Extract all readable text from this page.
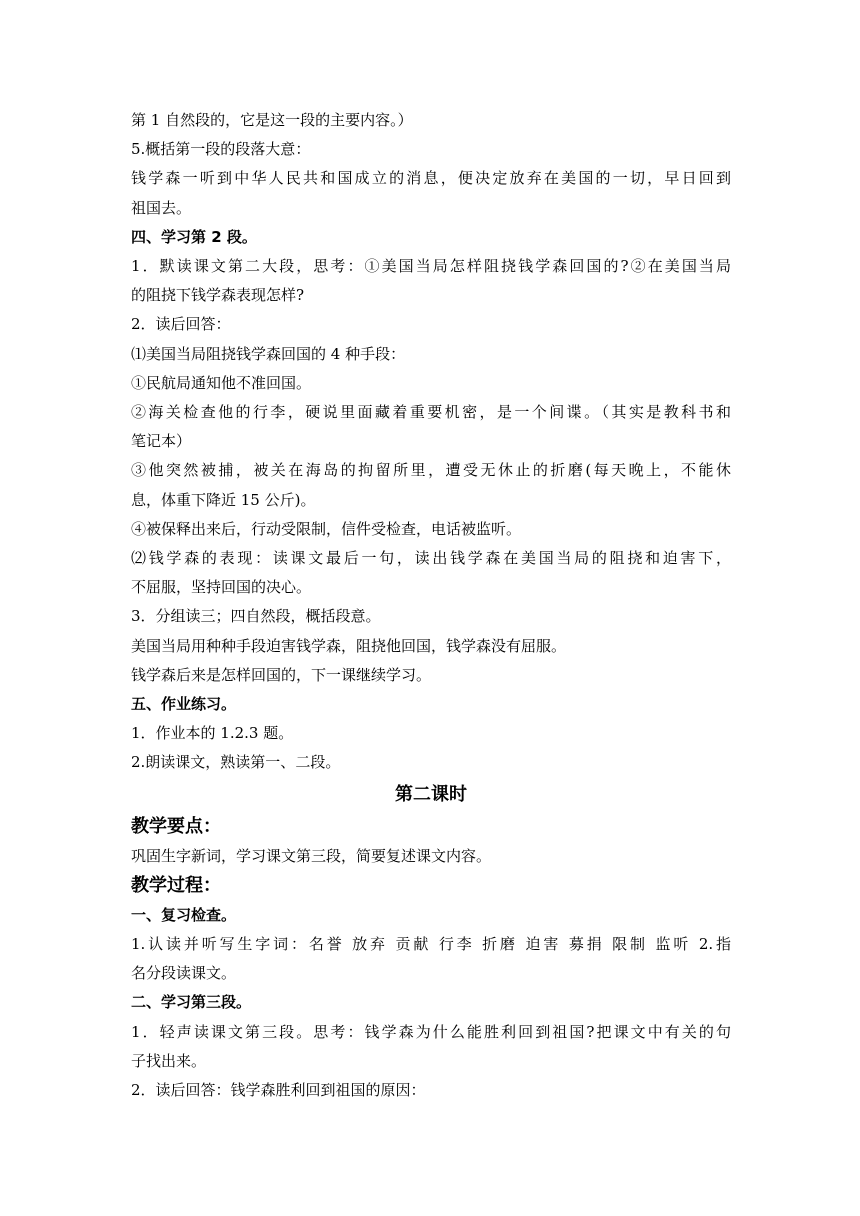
第 1 自然段的，它是这一段的主要内容。）
5.概括第一段的段落大意：
钱学森一听到中华人民共和国成立的消息，便决定放弃在美国的一切，早日回到
祖国去。
四、学习第 2 段。
1．默读课文第二大段，思考：①美国当局怎样阻挠钱学森回国的?②在美国当局
的阻挠下钱学森表现怎样?
2．读后回答：
⑴美国当局阻挠钱学森回国的 4 种手段：
①民航局通知他不准回国。
②海关检查他的行李，硬说里面藏着重要机密，是一个间谍。（其实是教科书和
笔记本）
③他突然被捕，被关在海岛的拘留所里，遭受无休止的折磨(每天晚上，不能休
息，体重下降近 15 公斤)。
④被保释出来后，行动受限制，信件受检查，电话被监听。
⑵钱学森的表现：读课文最后一句，读出钱学森在美国当局的阻挠和迫害下，
不屈服，坚持回国的决心。
3．分组读三；四自然段，概括段意。
美国当局用种种手段迫害钱学森，阻挠他回国，钱学森没有屈服。
钱学森后来是怎样回国的，下一课继续学习。
五、作业练习。
1．作业本的 1.2.3 题。
2.朗读课文，熟读第一、二段。
第二课时
教学要点：
巩固生字新词，学习课文第三段，简要复述课文内容。
教学过程：
一、复习检查。
1.认读并听写生字词：名誉 放弃 贡献 行李 折磨 迫害 募捐 限制 监听 2.指
名分段读课文。
二、学习第三段。
1．轻声读课文第三段。思考：钱学森为什么能胜利回到祖国?把课文中有关的句
子找出来。
2．读后回答：钱学森胜利回到祖国的原因：
